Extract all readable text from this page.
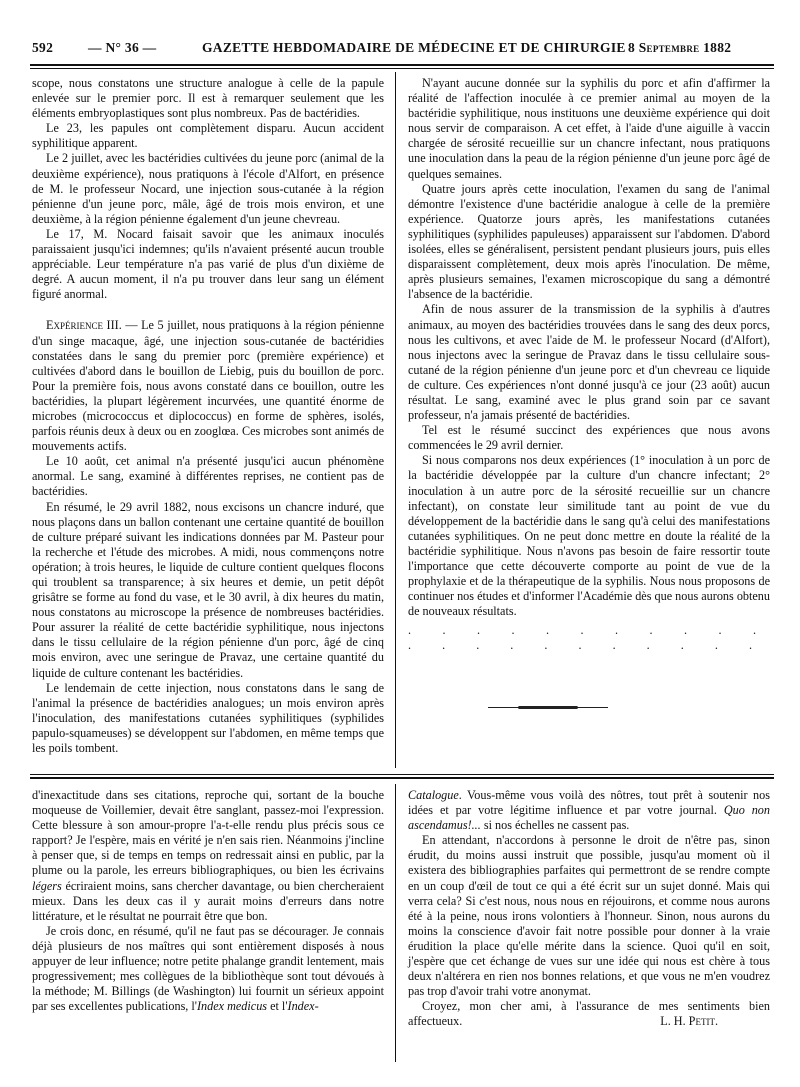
592	— N° 36 —	GAZETTE HEBDOMADAIRE DE MÉDECINE ET DE CHIRURGIE 8 Septembre 1882

scope, nous constatons une structure analogue à celle de la papule enlevée sur le premier porc. Il est à remarquer seulement que les éléments embryoplastiques sont plus nombreux. Pas de bactéridies.

Le 23, les papules ont complètement disparu. Aucun accident syphilitique apparent.

Le 2 juillet, avec les bactéridies cultivées du jeune porc (animal de la deuxième expérience), nous pratiquons à l'école d'Alfort, en présence de M. le professeur Nocard, une injection sous-cutanée à la région pénienne d'un jeune porc, mâle, âgé de trois mois environ, et une deuxième, à la région pénienne également d'un jeune chevreau.

Le 17, M. Nocard faisait savoir que les animaux inoculés paraissaient jusqu'ici indemnes; qu'ils n'avaient présenté aucun trouble appréciable. Leur température n'a pas varié de plus d'un dixième de degré. A aucun moment, il n'a pu trouver dans leur sang un élément figuré anormal.

Expérience III. — Le 5 juillet, nous pratiquons à la région pénienne d'un singe macaque, âgé, une injection sous-cutanée de bactéridies constatées dans le sang du premier porc (première expérience) et cultivées d'abord dans le bouillon de Liebig, puis du bouillon de porc. Pour la première fois, nous avons constaté dans ce bouillon, outre les bactéridies, la plupart légèrement incurvées, une quantité énorme de microbes (micrococcus et diplococcus) en forme de sphères, isolés, parfois réunis deux à deux ou en zooglœa. Ces microbes sont animés de mouvements actifs.

Le 10 août, cet animal n'a présenté jusqu'ici aucun phénomène anormal. Le sang, examiné à différentes reprises, ne contient pas de bactéridies.

En résumé, le 29 avril 1882, nous excisons un chancre induré, que nous plaçons dans un ballon contenant une certaine quantité de bouillon de culture préparé suivant les indications données par M. Pasteur pour la recherche et l'étude des microbes. A midi, nous commençons notre opération; à trois heures, le liquide de culture contient quelques flocons qui troublent sa transparence; à six heures et demie, un petit dépôt grisâtre se forme au fond du vase, et le 30 avril, à dix heures du matin, nous constatons au microscope la présence de nombreuses bactéridies. Pour assurer la réalité de cette bactéridie syphilitique, nous injectons dans le tissu cellulaire de la région pénienne d'un porc, âgé de cinq mois environ, avec une seringue de Pravaz, une certaine quantité du liquide de culture contenant les bactéridies.

Le lendemain de cette injection, nous constatons dans le sang de l'animal la présence de bactéridies analogues; un mois environ après l'inoculation, des manifestations cutanées syphilitiques (syphilides papulo-squameuses) se développent sur l'abdomen, en même temps que les poils tombent.

N'ayant aucune donnée sur la syphilis du porc et afin d'affirmer la réalité de l'affection inoculée à ce premier animal au moyen de la bactéridie syphilitique, nous instituons une deuxième expérience qui doit nous servir de comparaison. A cet effet, à l'aide d'une aiguille à vaccin chargée de sérosité recueillie sur un chancre infectant, nous pratiquons une inoculation dans la peau de la région pénienne d'un jeune porc âgé de quelques semaines.

Quatre jours après cette inoculation, l'examen du sang de l'animal démontre l'existence d'une bactéridie analogue à celle de la première expérience. Quatorze jours après, les manifestations cutanées syphilitiques (syphilides papuleuses) apparaissent sur l'abdomen. D'abord isolées, elles se généralisent, persistent pendant plusieurs jours, puis elles disparaissent complètement, deux mois après l'inoculation. De même, après plusieurs semaines, l'examen microscopique du sang a démontré l'absence de la bactéridie.

Afin de nous assurer de la transmission de la syphilis à d'autres animaux, au moyen des bactéridies trouvées dans le sang des deux porcs, nous les cultivons, et avec l'aide de M. le professeur Nocard (d'Alfort), nous injectons avec la seringue de Pravaz dans le tissu cellulaire sous-cutané de la région pénienne d'un jeune porc et d'un chevreau ce liquide de culture. Ces expériences n'ont donné jusqu'à ce jour (23 août) aucun résultat. Le sang, examiné avec le plus grand soin par ce savant professeur, n'a jamais présenté de bactéridies.

Tel est le résumé succinct des expériences que nous avons commencées le 29 avril dernier.

Si nous comparons nos deux expériences (1° inoculation à un porc de la bactéridie développée par la culture d'un chancre infectant; 2° inoculation à un autre porc de la sérosité recueillie sur un chancre infectant), on constate leur similitude tant au point de vue du développement de la bactéridie dans le sang qu'à celui des manifestations cutanées syphilitiques. On ne peut donc mettre en doute la réalité de la bactéridie syphilitique. Nous n'avons pas besoin de faire ressortir toute l'importance que cette découverte comporte au point de vue de la prophylaxie et de la thérapeutique de la syphilis. Nous nous proposons de continuer nos études et d'informer l'Académie dès que nous aurons obtenu de nouveaux résultats.

. . . . . . . . . . . . . . . . . . . . . .

d'inexactitude dans ses citations, reproche qui, sortant de la bouche moqueuse de Voillemier, devait être sanglant, passez-moi l'expression. Cette blessure à son amour-propre l'a-t-elle rendu plus précis sous ce rapport? Je l'espère, mais en vérité je n'en sais rien. Néanmoins j'incline à penser que, si de temps en temps on redressait ainsi en public, par la plume ou la parole, les erreurs bibliographiques, ou bien les écrivains légers écriraient moins, sans chercher davantage, ou bien chercheraient mieux. Dans les deux cas il y aurait moins d'erreurs dans notre littérature, et le résultat ne pourrait être que bon.

Je crois donc, en résumé, qu'il ne faut pas se décourager. Je connais déjà plusieurs de nos maîtres qui sont entièrement disposés à nous appuyer de leur influence; notre petite phalange grandit lentement, mais progressivement; mes collègues de la bibliothèque sont tout dévoués à la méthode; M. Billings (de Washington) lui fournit un sérieux appoint par ses excellentes publications, l'Index medicus et l'Index-

Catalogue. Vous-même vous voilà des nôtres, tout prêt à soutenir nos idées et par votre légitime influence et par votre journal. Quo non ascendamus!... si nos échelles ne cassent pas.

En attendant, n'accordons à personne le droit de n'être pas, sinon érudit, du moins aussi instruit que possible, jusqu'au moment où il existera des bibliographies parfaites qui permettront de se rendre compte en un coup d'œil de tout ce qui a été écrit sur un sujet donné. Mais qui verra cela? Si c'est nous, nous nous en réjouirons, et comme nous aurons été à la peine, nous irons volontiers à l'honneur. Sinon, nous aurons du moins la conscience d'avoir fait notre possible pour donner à la vraie érudition la place qu'elle mérite dans la science. Quoi qu'il en soit, j'espère que cet échange de vues sur une idée qui nous est chère à tous deux n'altérera en rien nos bonnes relations, et que vous ne m'en voudrez pas trop d'avoir trahi votre anonymat.

Croyez, mon cher ami, à l'assurance de mes sentiments bien affectueux.	L. H. Petit.
